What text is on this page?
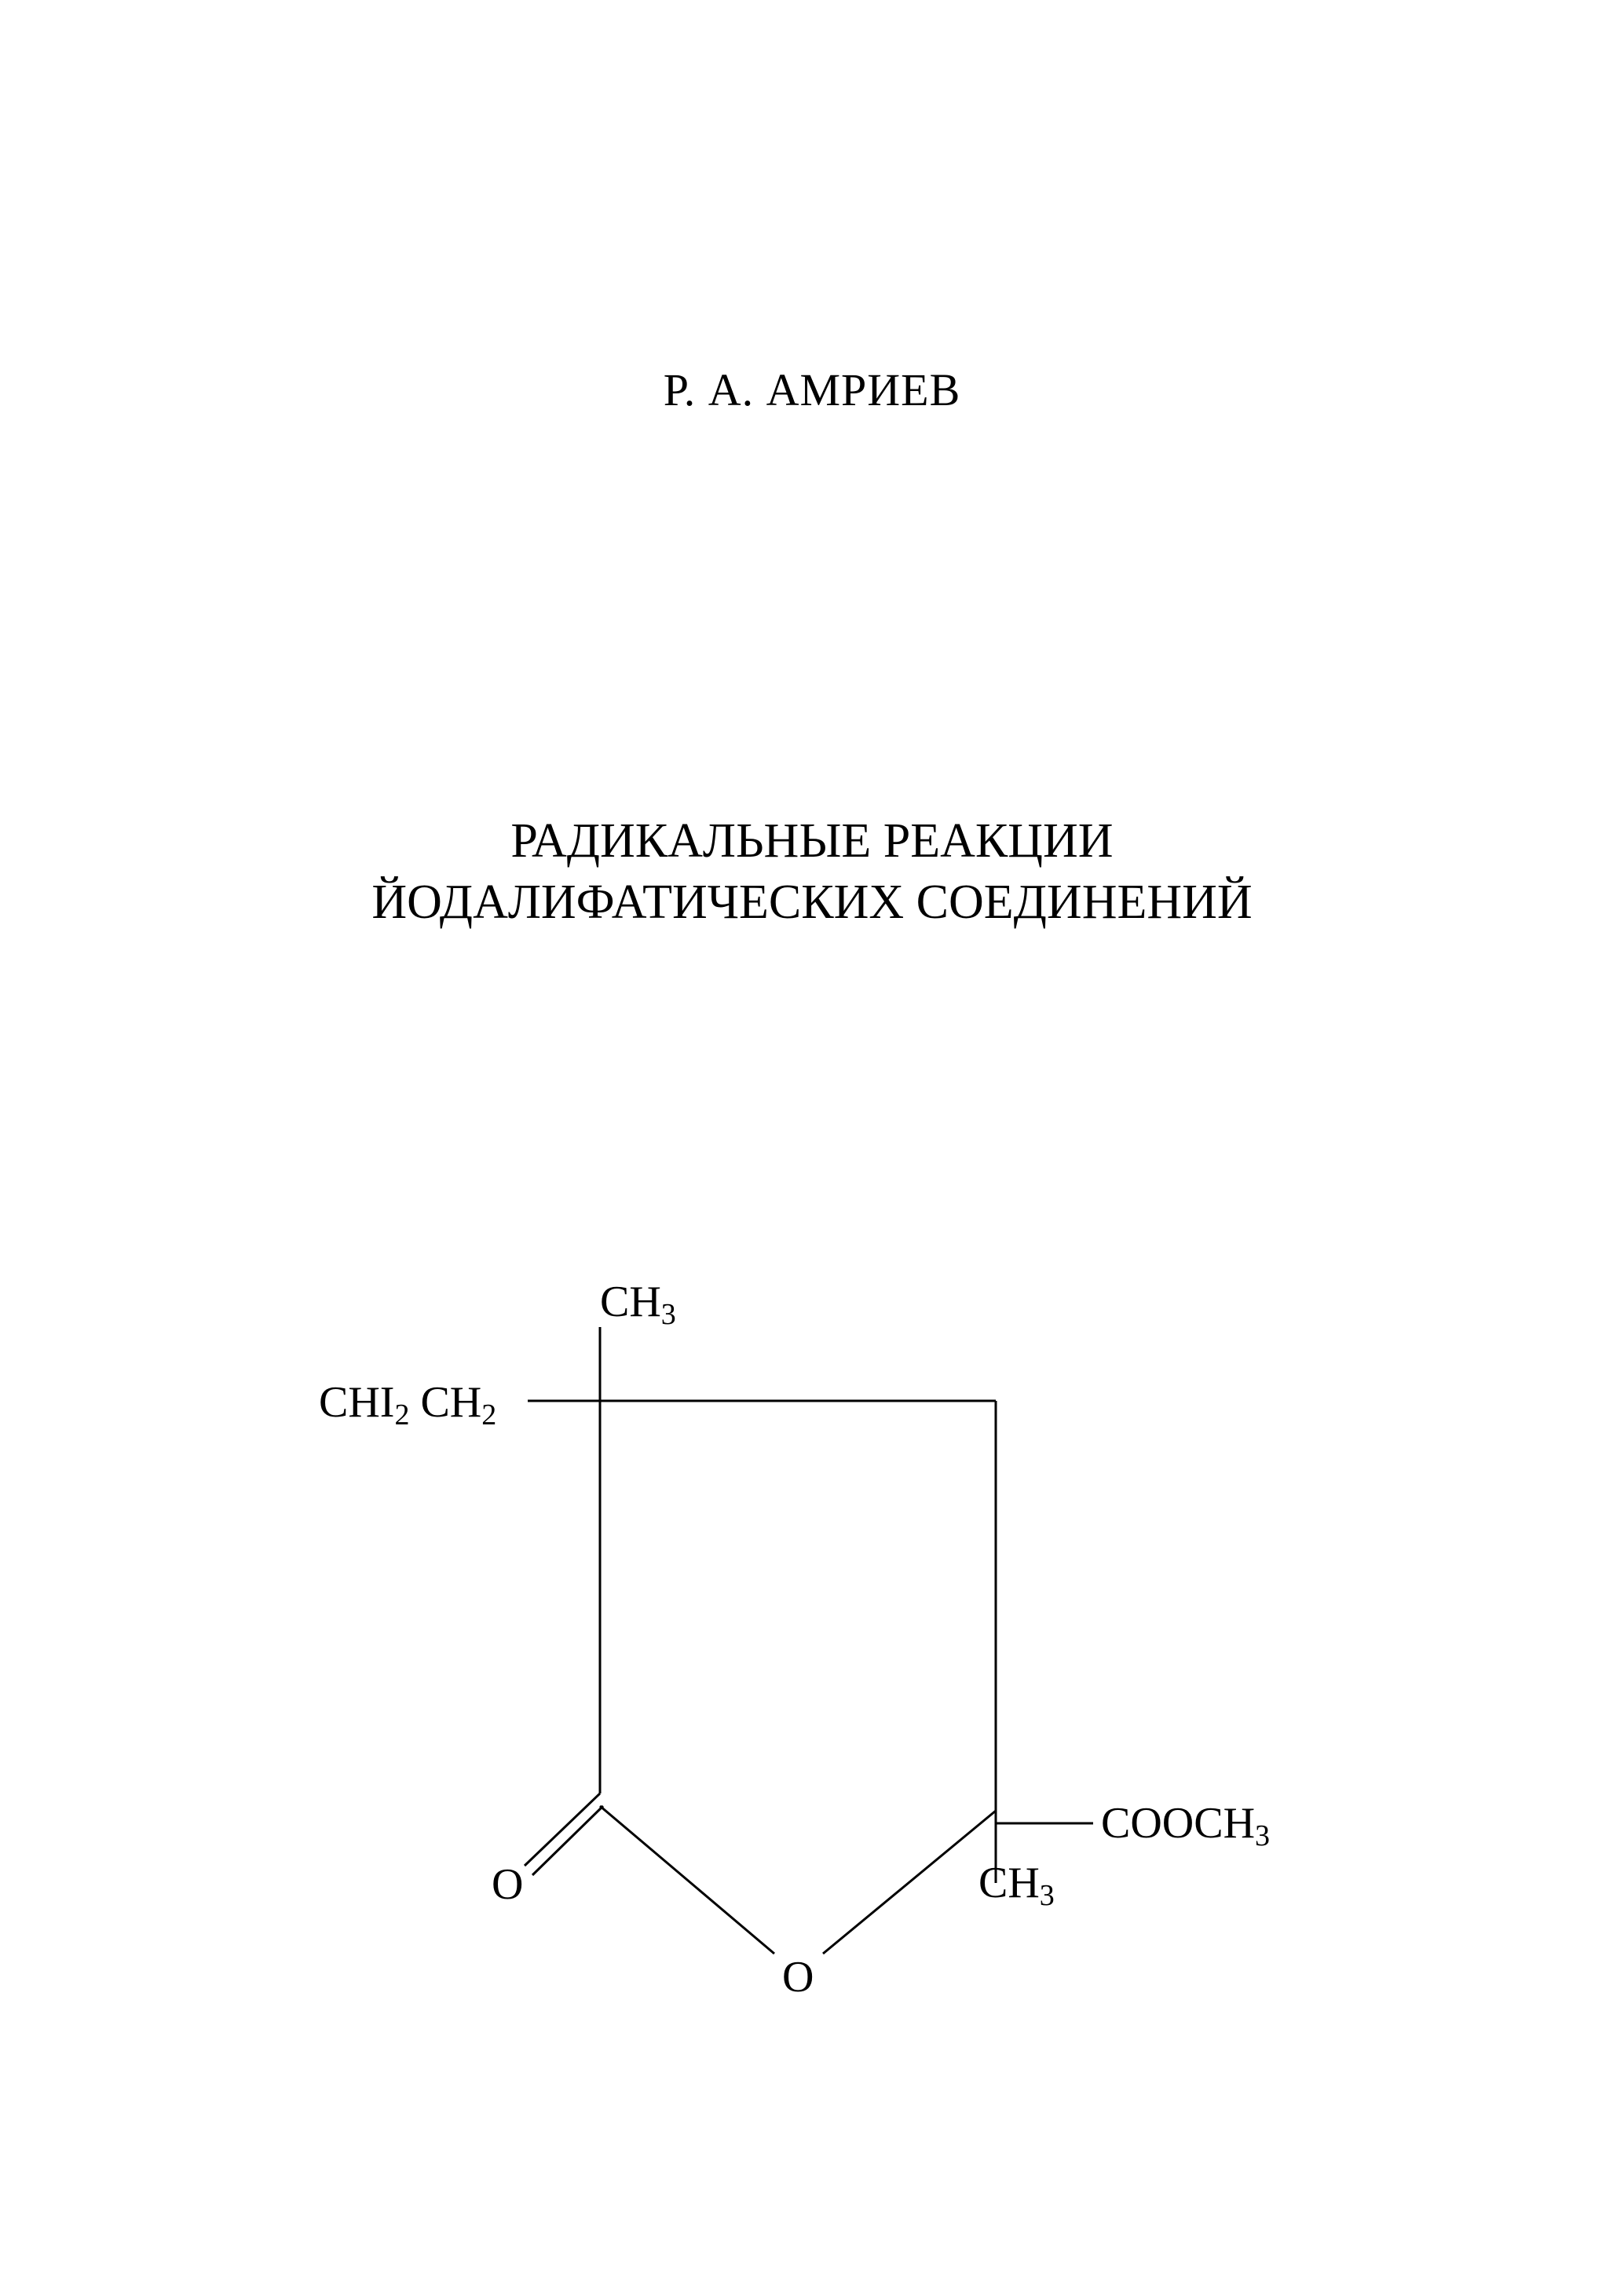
Р. А. АМРИЕВ
РАДИКАЛЬНЫЕ РЕАКЦИИ
ЙОДАЛИФАТИЧЕСКИХ СОЕДИНЕНИЙ
CH3
CHI2 CH2
COOCH3
CH3
O
O
